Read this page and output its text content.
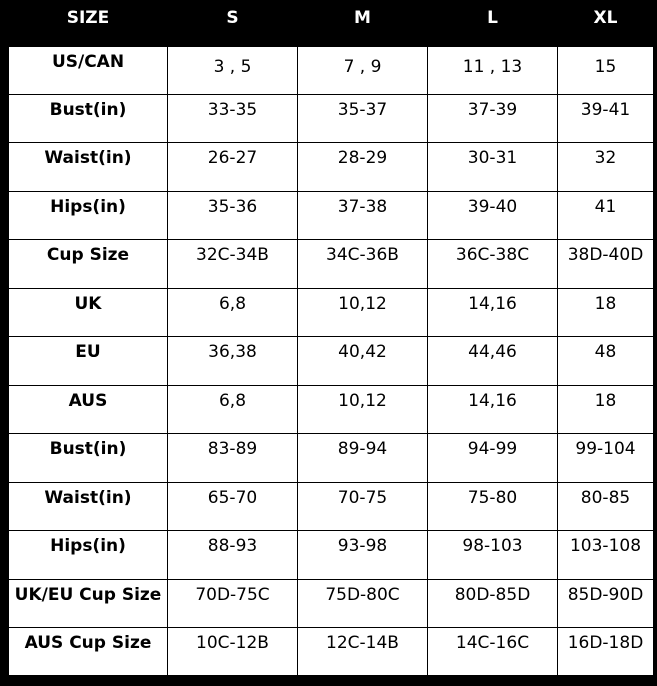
SIZE	S	M	L	XL
US/CAN	3 , 5	7 , 9	11 , 13	15
Bust(in)	33-35	35-37	37-39	39-41
Waist(in)	26-27	28-29	30-31	32
Hips(in)	35-36	37-38	39-40	41
Cup Size	32C-34B	34C-36B	36C-38C	38D-40D
UK	6,8	10,12	14,16	18
EU	36,38	40,42	44,46	48
AUS	6,8	10,12	14,16	18
Bust(in)	83-89	89-94	94-99	99-104
Waist(in)	65-70	70-75	75-80	80-85
Hips(in)	88-93	93-98	98-103	103-108
UK/EU Cup Size	70D-75C	75D-80C	80D-85D	85D-90D
AUS Cup Size	10C-12B	12C-14B	14C-16C	16D-18D
